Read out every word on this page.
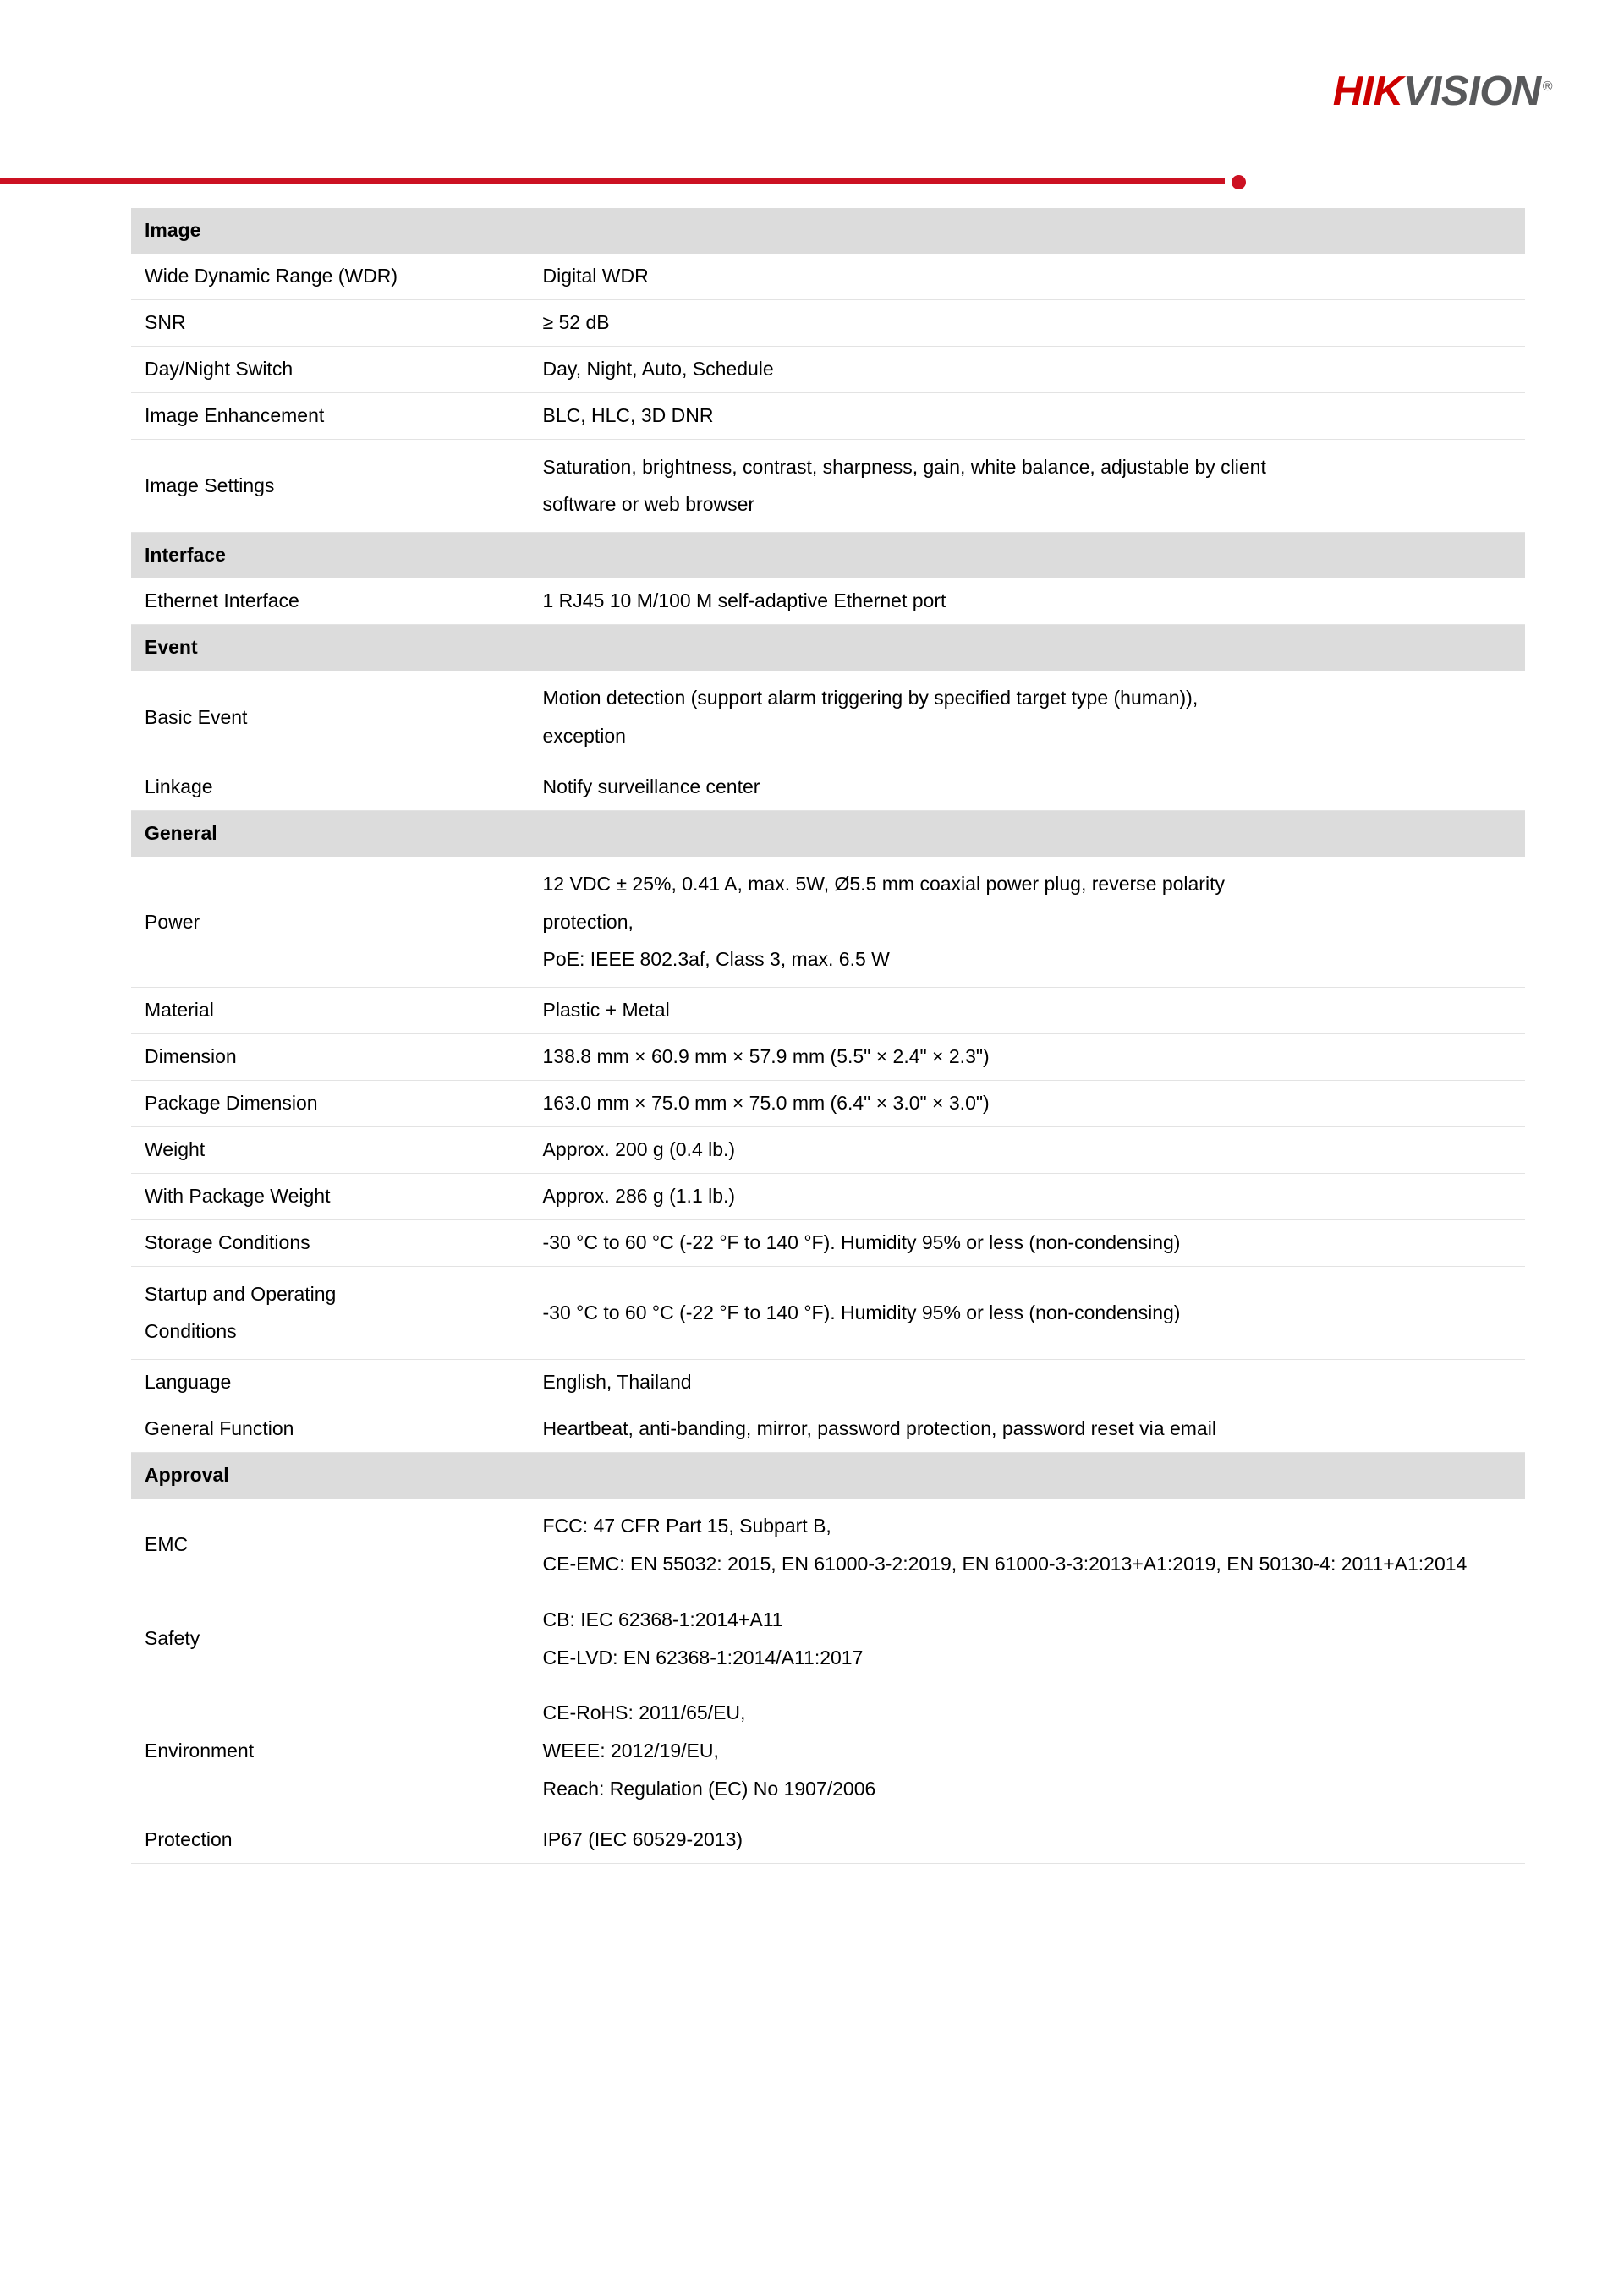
HIKVISION ®
Image	

Wide Dynamic Range (WDR)	Digital WDR

SNR	≥ 52 dB

Day/Night Switch	Day, Night, Auto, Schedule

Image Enhancement	BLC, HLC, 3D DNR

Image Settings	Saturation, brightness, contrast, sharpness, gain, white balance, adjustable by client
software or web browser

Interface	

Ethernet Interface	1 RJ45 10 M/100 M self-adaptive Ethernet port

Event	

Basic Event	Motion detection (support alarm triggering by specified target type (human)),
exception

Linkage	Notify surveillance center

General	

Power	12 VDC ± 25%, 0.41 A, max. 5W, Ø5.5 mm coaxial power plug, reverse polarity
protection,
PoE: IEEE 802.3af, Class 3, max. 6.5 W

Material	Plastic + Metal

Dimension	138.8 mm × 60.9 mm × 57.9 mm (5.5" × 2.4" × 2.3")

Package Dimension	163.0 mm × 75.0 mm × 75.0 mm (6.4" × 3.0" × 3.0")

Weight	Approx. 200 g (0.4 lb.)

With Package Weight	Approx. 286 g (1.1 lb.)

Storage Conditions	-30 °C to 60 °C (-22 °F to 140 °F). Humidity 95% or less (non-condensing)

Startup and Operating
Conditions	-30 °C to 60 °C (-22 °F to 140 °F). Humidity 95% or less (non-condensing)

Language	English, Thailand

General Function	Heartbeat, anti-banding, mirror, password protection, password reset via email

Approval	

EMC	FCC: 47 CFR Part 15, Subpart B,
CE-EMC: EN 55032: 2015, EN 61000-3-2:2019, EN 61000-3-3:2013+A1:2019, EN 50130-4: 2011+A1:2014

Safety	CB: IEC 62368-1:2014+A11
CE-LVD: EN 62368-1:2014/A11:2017

Environment	CE-RoHS: 2011/65/EU,
WEEE: 2012/19/EU,
Reach: Regulation (EC) No 1907/2006

Protection	IP67 (IEC 60529-2013)
